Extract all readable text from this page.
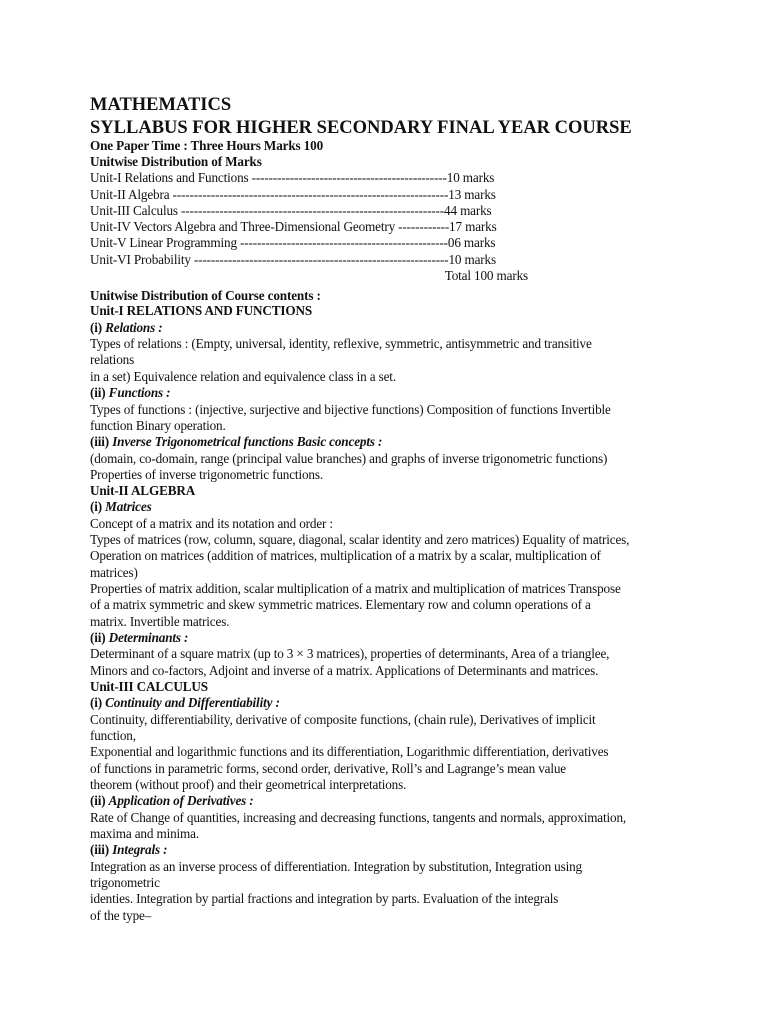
MATHEMATICS
SYLLABUS FOR HIGHER SECONDARY FINAL YEAR COURSE
One Paper Time : Three Hours Marks 100
Unitwise Distribution of Marks
Unit-I Relations and Functions ----------------------------------------------10 marks
Unit-II Algebra -----------------------------------------------------------------13 marks
Unit-III Calculus --------------------------------------------------------------44 marks
Unit-IV Vectors Algebra and Three-Dimensional Geometry ------------17 marks
Unit-V Linear Programming -------------------------------------------------06 marks
Unit-VI Probability ------------------------------------------------------------10 marks
Total 100 marks
Unitwise Distribution of Course contents :
Unit-I RELATIONS AND FUNCTIONS
(i) Relations :
Types of relations : (Empty, universal, identity, reflexive, symmetric, antisymmetric and transitive
relations
in a set) Equivalence relation and equivalence class in a set.
(ii) Functions :
Types of functions : (injective, surjective and bijective functions) Composition of functions Invertible
function Binary operation.
(iii) Inverse Trigonometrical functions Basic concepts :
(domain, co-domain, range (principal value branches) and graphs of inverse trigonometric functions)
Properties of inverse trigonometric functions.
Unit-II ALGEBRA
(i) Matrices
Concept of a matrix and its notation and order :
Types of matrices (row, column, square, diagonal, scalar identity and zero matrices) Equality of matrices,
Operation on matrices (addition of matrices, multiplication of a matrix by a scalar, multiplication of
matrices)
Properties of matrix addition, scalar multiplication of a matrix and multiplication of matrices Transpose
of a matrix symmetric and skew symmetric matrices. Elementary row and column operations of a
matrix. Invertible matrices.
(ii) Determinants :
Determinant of a square matrix (up to 3 × 3 matrices), properties of determinants, Area of a trianglee,
Minors and co-factors, Adjoint and inverse of a matrix. Applications of Determinants and matrices.
Unit-III CALCULUS
(i) Continuity and Differentiability :
Continuity, differentiability, derivative of composite functions, (chain rule), Derivatives of implicit
function,
Exponential and logarithmic functions and its differentiation, Logarithmic differentiation, derivatives
of functions in parametric forms, second order, derivative, Roll’s and Lagrange’s mean value
theorem (without proof) and their geometrical interpretations.
(ii) Application of Derivatives :
Rate of Change of quantities, increasing and decreasing functions, tangents and normals, approximation,
maxima and minima.
(iii) Integrals :
Integration as an inverse process of differentiation. Integration by substitution, Integration using
trigonometric
identies. Integration by partial fractions and integration by parts. Evaluation of the integrals
of the type–
